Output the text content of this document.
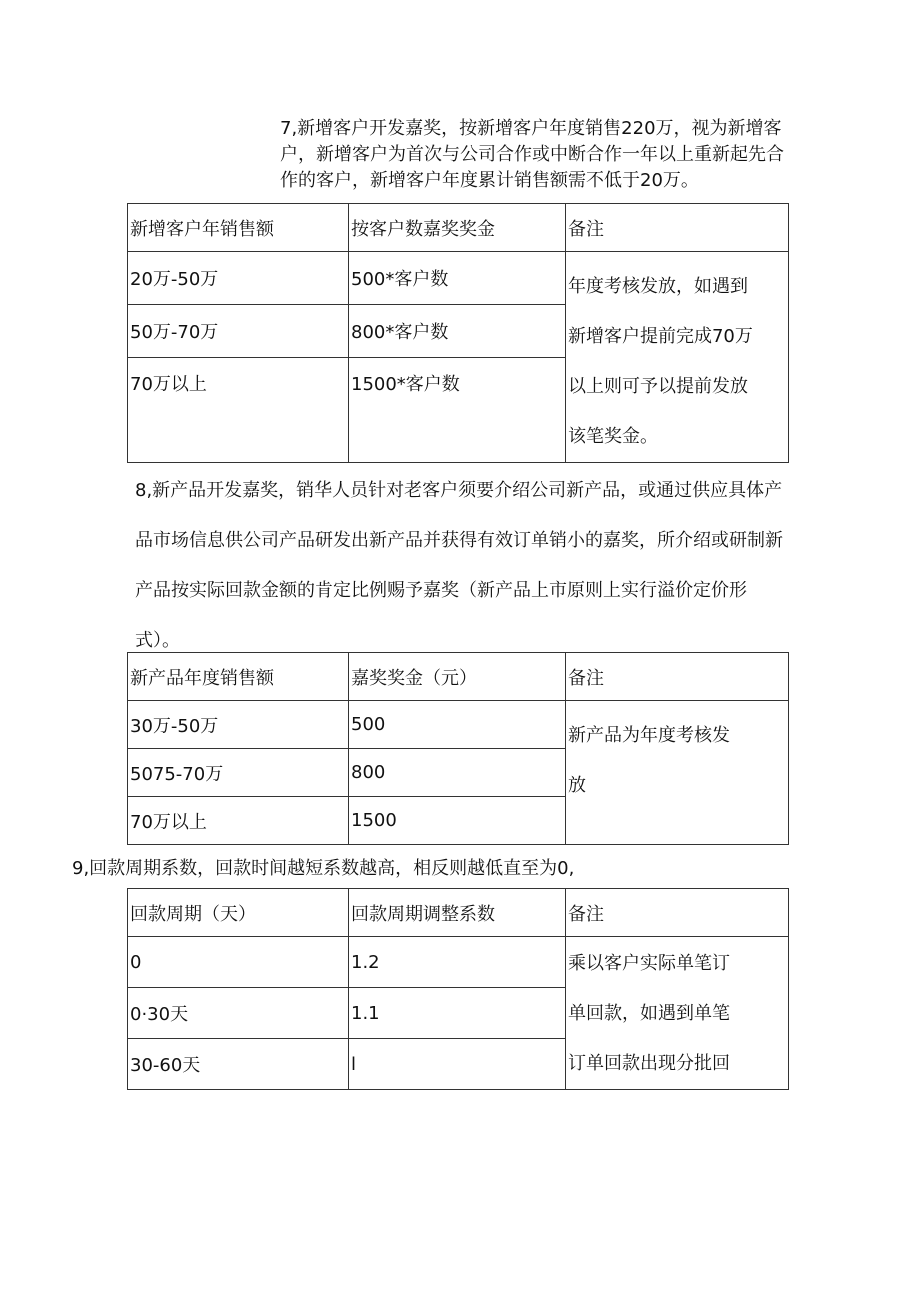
7,新增客户开发嘉奖，按新增客户年度销售220万，视为新增客
户，新增客户为首次与公司合作或中断合作一年以上重新起先合
作的客户，新增客户年度累计销售额需不低于20万。

新增客户年销售额	按客户数嘉奖奖金	备注
20万-50万	500*客户数	年度考核发放，如遇到
新增客户提前完成70万
以上则可予以提前发放
该笔奖金。

50万-70万	800*客户数	
70万以上	1500*客户数	

8,新产品开发嘉奖，销华人员针对老客户须要介绍公司新产品，或通过供应具体产
品市场信息供公司产品研发出新产品并获得有效订单销小的嘉奖，所介绍或研制新
产品按实际回款金额的肯定比例赐予嘉奖（新产品上市原则上实行溢价定价形
式）。

新产品年度销售额	嘉奖奖金（元）	备注
30万-50万	500	新产品为年度考核发
放

5075-70万	800	
70万以上	1500	

9,回款周期系数，回款时间越短系数越高，相反则越低直至为0,

回款周期（天）	回款周期调整系数	备注
0	1.2	乘以客户实际单笔订
单回款，如遇到单笔
订单回款出现分批回

0·30天	1.1	
30-60天	l	
